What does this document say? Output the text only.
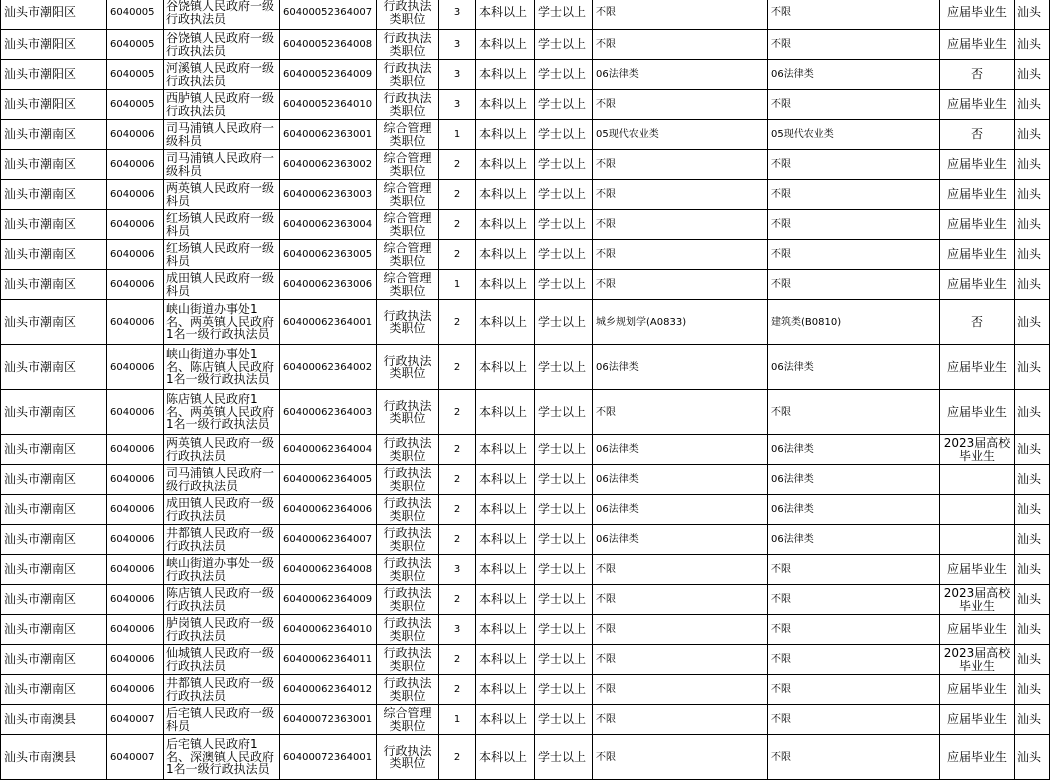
汕头市潮阳区	6040005	谷饶镇人民政府一级行政执法员	60400052364007	行政执法类职位	3	本科以上	学士以上	不限	不限	应届毕业生	汕头
汕头市潮阳区	6040005	谷饶镇人民政府一级行政执法员	60400052364008	行政执法类职位	3	本科以上	学士以上	不限	不限	应届毕业生	汕头
汕头市潮阳区	6040005	河溪镇人民政府一级行政执法员	60400052364009	行政执法类职位	3	本科以上	学士以上	06法律类	06法律类	否	汕头
汕头市潮阳区	6040005	西胪镇人民政府一级行政执法员	60400052364010	行政执法类职位	3	本科以上	学士以上	不限	不限	应届毕业生	汕头
汕头市潮南区	6040006	司马浦镇人民政府一级科员	60400062363001	综合管理类职位	1	本科以上	学士以上	05现代农业类	05现代农业类	否	汕头
汕头市潮南区	6040006	司马浦镇人民政府一级科员	60400062363002	综合管理类职位	2	本科以上	学士以上	不限	不限	应届毕业生	汕头
汕头市潮南区	6040006	两英镇人民政府一级科员	60400062363003	综合管理类职位	2	本科以上	学士以上	不限	不限	应届毕业生	汕头
汕头市潮南区	6040006	红场镇人民政府一级科员	60400062363004	综合管理类职位	2	本科以上	学士以上	不限	不限	应届毕业生	汕头
汕头市潮南区	6040006	红场镇人民政府一级科员	60400062363005	综合管理类职位	2	本科以上	学士以上	不限	不限	应届毕业生	汕头
汕头市潮南区	6040006	成田镇人民政府一级科员	60400062363006	综合管理类职位	1	本科以上	学士以上	不限	不限	应届毕业生	汕头
汕头市潮南区	6040006	峡山街道办事处1名、两英镇人民政府1名一级行政执法员	60400062364001	行政执法类职位	2	本科以上	学士以上	城乡规划学(A0833)	建筑类(B0810)	否	汕头
汕头市潮南区	6040006	峡山街道办事处1名、陈店镇人民政府1名一级行政执法员	60400062364002	行政执法类职位	2	本科以上	学士以上	06法律类	06法律类	应届毕业生	汕头
汕头市潮南区	6040006	陈店镇人民政府1名、两英镇人民政府1名一级行政执法员	60400062364003	行政执法类职位	2	本科以上	学士以上	不限	不限	应届毕业生	汕头
汕头市潮南区	6040006	两英镇人民政府一级行政执法员	60400062364004	行政执法类职位	2	本科以上	学士以上	06法律类	06法律类	2023届高校毕业生	汕头
汕头市潮南区	6040006	司马浦镇人民政府一级行政执法员	60400062364005	行政执法类职位	2	本科以上	学士以上	06法律类	06法律类		汕头
汕头市潮南区	6040006	成田镇人民政府一级行政执法员	60400062364006	行政执法类职位	2	本科以上	学士以上	06法律类	06法律类		汕头
汕头市潮南区	6040006	井都镇人民政府一级行政执法员	60400062364007	行政执法类职位	2	本科以上	学士以上	06法律类	06法律类		汕头
汕头市潮南区	6040006	峡山街道办事处一级行政执法员	60400062364008	行政执法类职位	3	本科以上	学士以上	不限	不限	应届毕业生	汕头
汕头市潮南区	6040006	陈店镇人民政府一级行政执法员	60400062364009	行政执法类职位	2	本科以上	学士以上	不限	不限	2023届高校毕业生	汕头
汕头市潮南区	6040006	胪岗镇人民政府一级行政执法员	60400062364010	行政执法类职位	3	本科以上	学士以上	不限	不限	应届毕业生	汕头
汕头市潮南区	6040006	仙城镇人民政府一级行政执法员	60400062364011	行政执法类职位	2	本科以上	学士以上	不限	不限	2023届高校毕业生	汕头
汕头市潮南区	6040006	井都镇人民政府一级行政执法员	60400062364012	行政执法类职位	2	本科以上	学士以上	不限	不限	应届毕业生	汕头
汕头市南澳县	6040007	后宅镇人民政府一级科员	60400072363001	综合管理类职位	1	本科以上	学士以上	不限	不限	应届毕业生	汕头
汕头市南澳县	6040007	后宅镇人民政府1名、深澳镇人民政府1名一级行政执法员	60400072364001	行政执法类职位	2	本科以上	学士以上	不限	不限	应届毕业生	汕头
